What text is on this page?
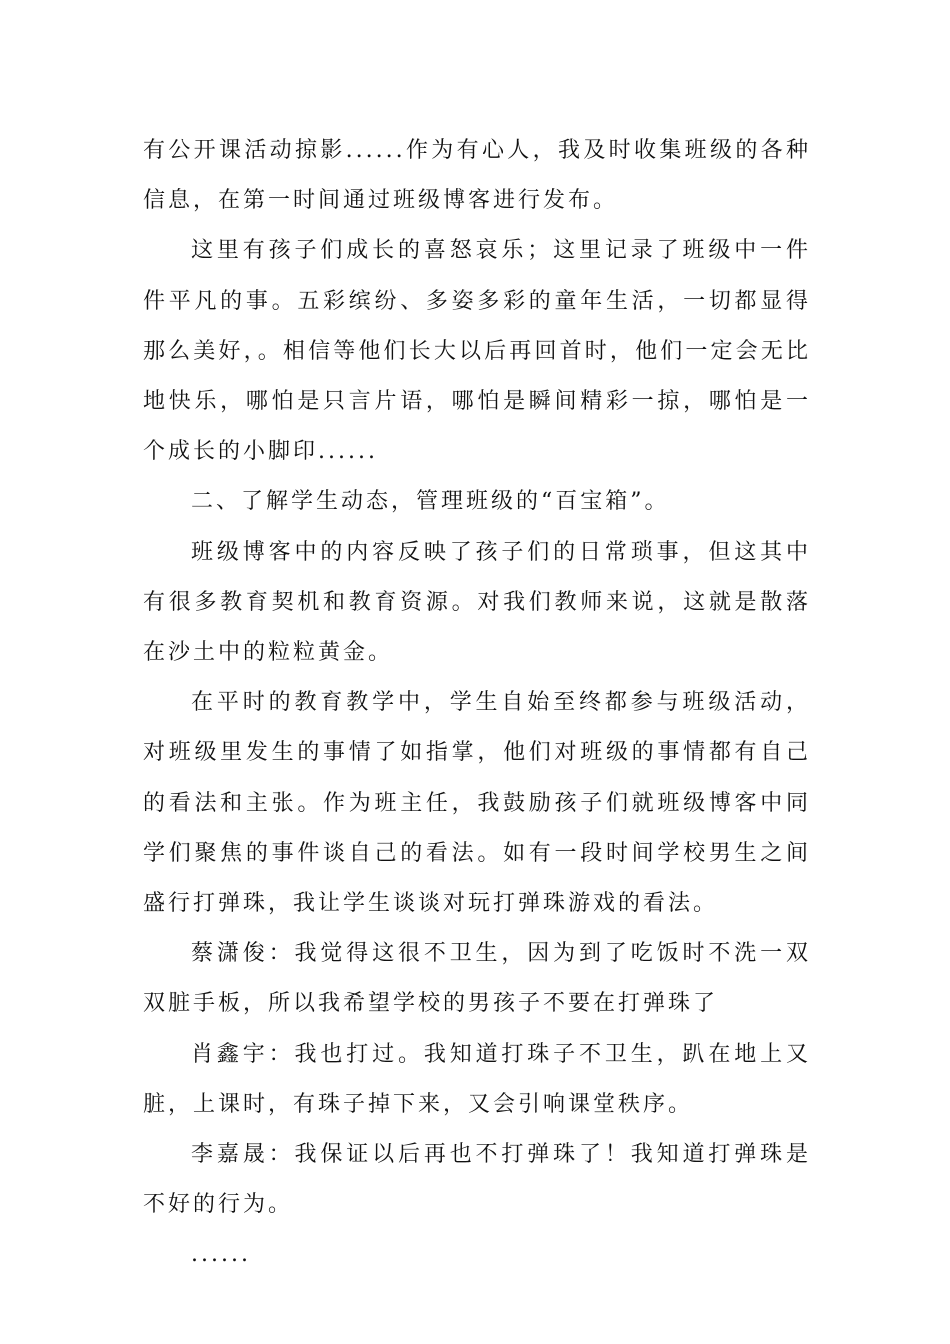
有公开课活动掠影......作为有心人，我及时收集班级的各种信息，在第一时间通过班级博客进行发布。

这里有孩子们成长的喜怒哀乐；这里记录了班级中一件件平凡的事。五彩缤纷、多姿多彩的童年生活，一切都显得那么美好，。相信等他们长大以后再回首时，他们一定会无比地快乐，哪怕是只言片语，哪怕是瞬间精彩一掠，哪怕是一个成长的小脚印......

二、了解学生动态，管理班级的“百宝箱”。

班级博客中的内容反映了孩子们的日常琐事，但这其中有很多教育契机和教育资源。对我们教师来说，这就是散落在沙土中的粒粒黄金。

在平时的教育教学中，学生自始至终都参与班级活动，对班级里发生的事情了如指掌，他们对班级的事情都有自己的看法和主张。作为班主任，我鼓励孩子们就班级博客中同学们聚焦的事件谈自己的看法。如有一段时间学校男生之间盛行打弹珠，我让学生谈谈对玩打弹珠游戏的看法。

蔡潇俊：我觉得这很不卫生，因为到了吃饭时不洗一双双脏手板，所以我希望学校的男孩子不要在打弹珠了

肖鑫宇：我也打过。我知道打珠子不卫生，趴在地上又脏，上课时，有珠子掉下来，又会引响课堂秩序。

李嘉晟：我保证以后再也不打弹珠了！我知道打弹珠是不好的行为。

......
